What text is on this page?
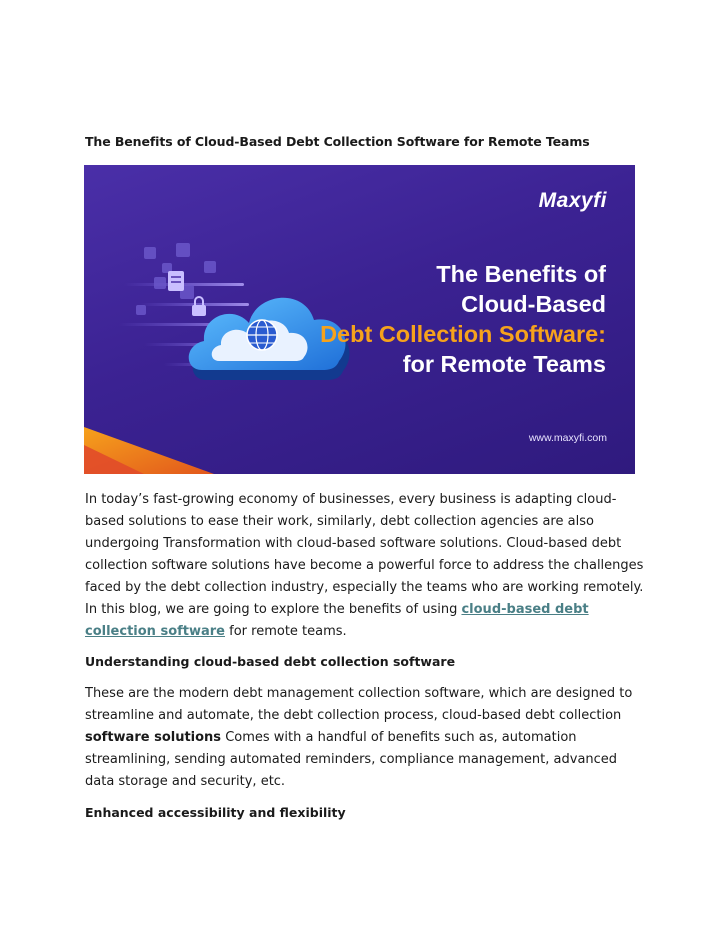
The Benefits of Cloud-Based Debt Collection Software for Remote Teams
Maxyfi
The Benefits of
Cloud-Based
Debt Collection Software:
for Remote Teams
www.maxyfi.com

In today’s fast-growing economy of businesses, every business is adapting cloud-based solutions to ease their work, similarly, debt collection agencies are also undergoing Transformation with cloud-based software solutions. Cloud-based debt collection software solutions have become a powerful force to address the challenges faced by the debt collection industry, especially the teams who are working remotely. In this blog, we are going to explore the benefits of using cloud-based debt collection software for remote teams.

Understanding cloud-based debt collection software

These are the modern debt management collection software, which are designed to streamline and automate, the debt collection process, cloud-based debt collection software solutions Comes with a handful of benefits such as, automation streamlining, sending automated reminders, compliance management, advanced data storage and security, etc.

Enhanced accessibility and flexibility
